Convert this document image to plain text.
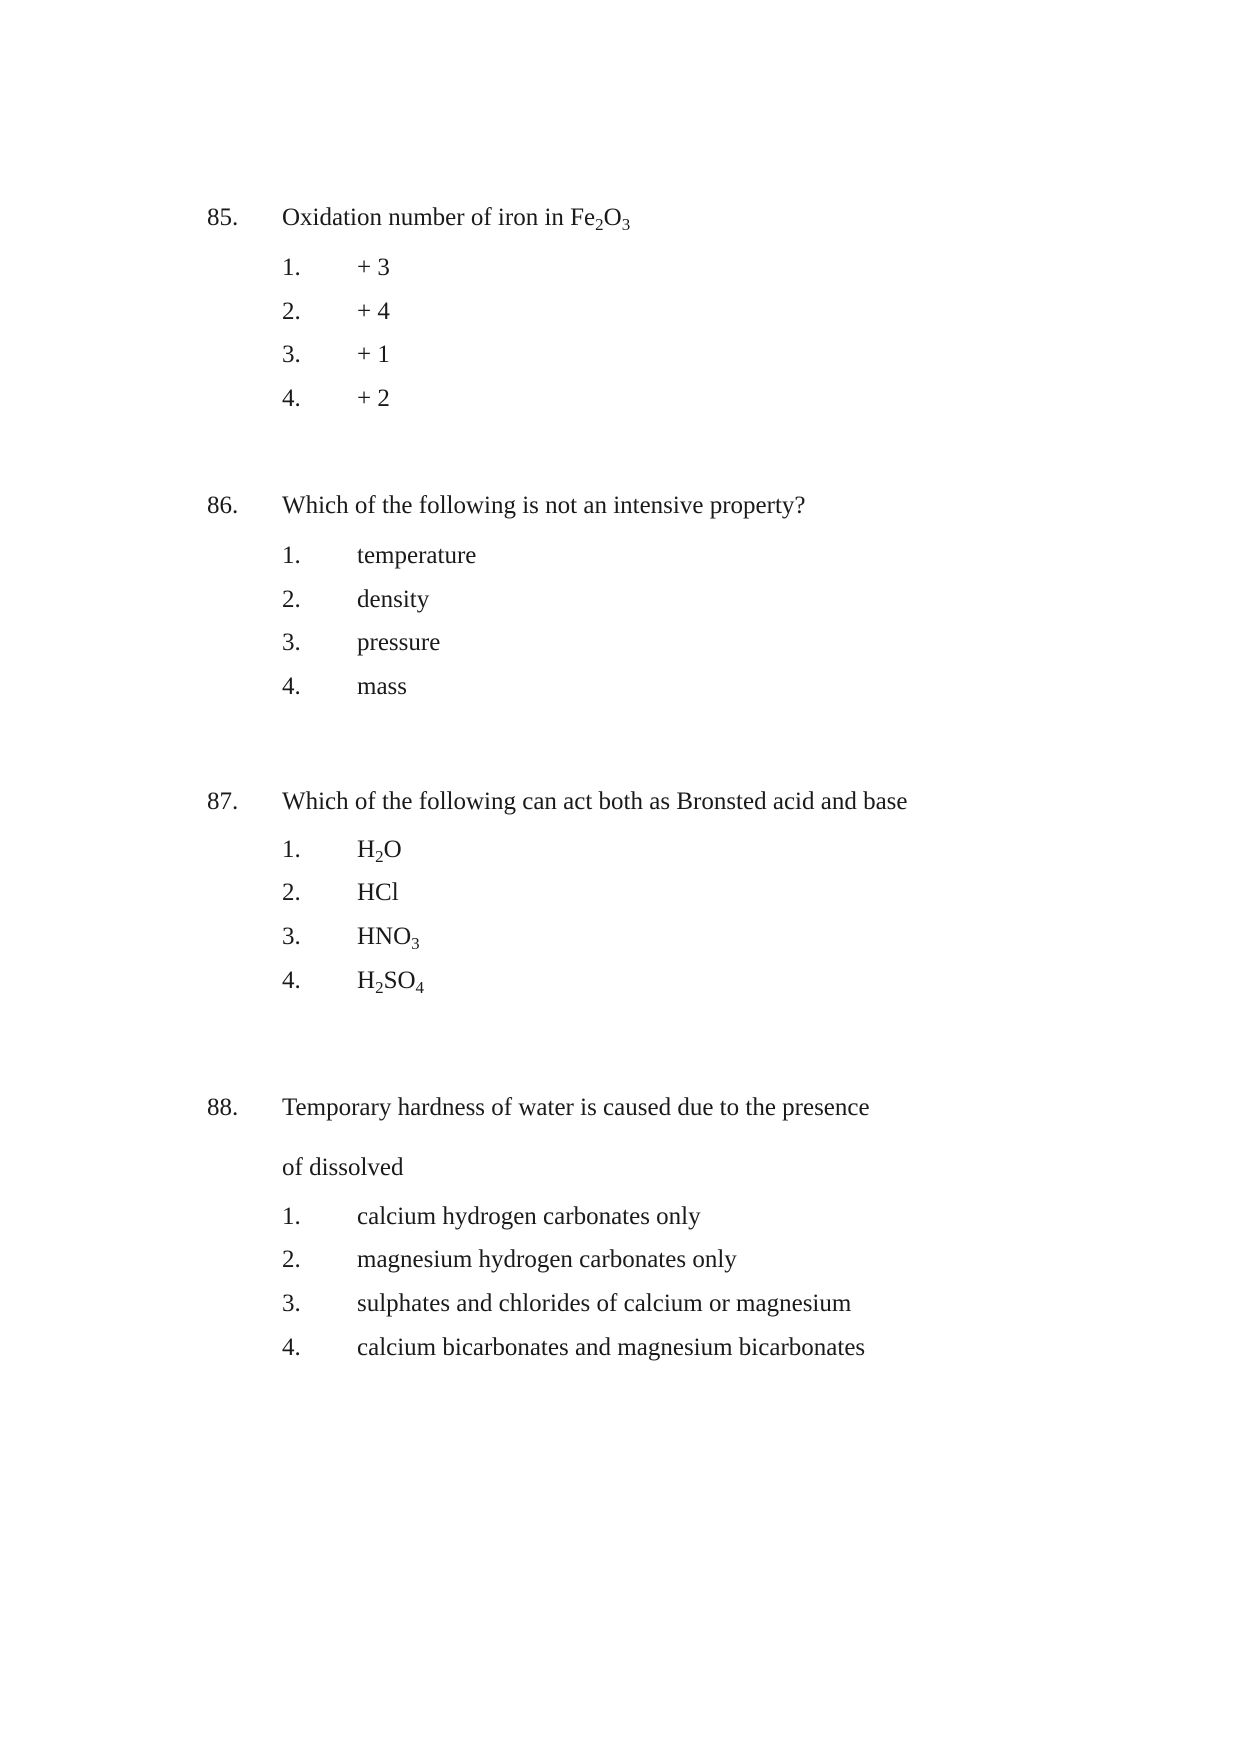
85. Oxidation number of iron in $Fe_2O_3$
1. + 3
2. + 4
3. + 1
4. + 2
86. Which of the following is not an intensive property?
1. temperature
2. density
3. pressure
4. mass
87. Which of the following can act both as Bronsted acid and base
1. $H_2O$
2. HCl
3. $HNO_3$
4. $H_2SO_4$
88. Temporary hardness of water is caused due to the presence
of dissolved
1. calcium hydrogen carbonates only
2. magnesium hydrogen carbonates only
3. sulphates and chlorides of calcium or magnesium
4. calcium bicarbonates and magnesium bicarbonates
